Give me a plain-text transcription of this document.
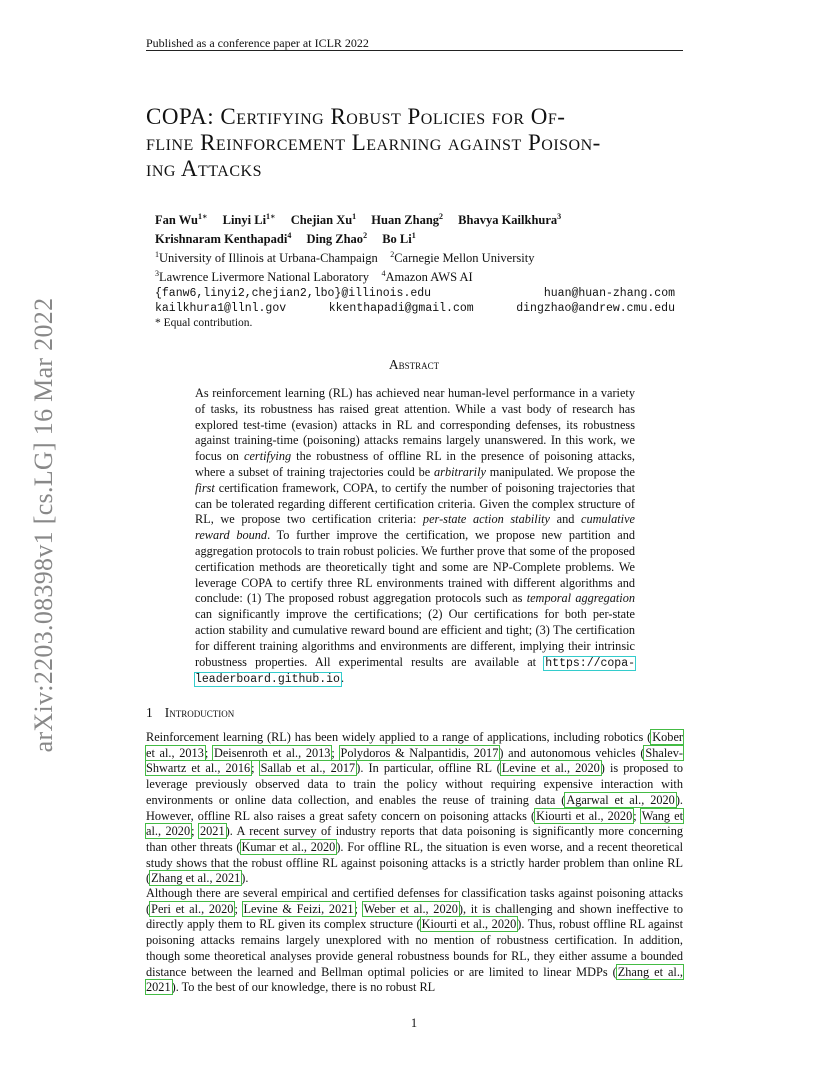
Published as a conference paper at ICLR 2022
arXiv:2203.08398v1 [cs.LG] 16 Mar 2022
COPA: Certifying Robust Policies for Of-
fline Reinforcement Learning against Poison-
ing Attacks
Fan $Wu^{1∗}$ Linyi $Li^{1∗}$ Chejian Xu$^1$ Huan Zhang$^2$ Bhavya Kailkhura$^3$
Krishnaram Kenthapadi$^4$ Ding Zhao$^2$ Bo Li$^1$
$^1$University of Illinois at Urbana-Champaign $^2$Carnegie Mellon University
$^3$Lawrence Livermore National Laboratory $^4$Amazon AWS AI
{fanw6,linyi2,chejian2,lbo}@illinois.edu	huan@huan-zhang.com
kailkhura1@llnl.gov	kkenthapadi@gmail.com	dingzhao@andrew.cmu.edu
* Equal contribution.
Abstract

As reinforcement learning (RL) has achieved near human-level performance in a variety of tasks, its robustness has raised great attention. While a vast body of research has explored test-time (evasion) attacks in RL and corresponding defenses, its robustness against training-time (poisoning) attacks remains largely unanswered. In this work, we focus on certifying the robustness of offline RL in the presence of poisoning attacks, where a subset of training trajectories could be arbitrarily manipulated. We propose the first certification framework, COPA, to certify the number of poisoning trajectories that can be tolerated regarding different certification criteria. Given the complex structure of RL, we propose two certification criteria: per-state action stability and cumulative reward bound. To further improve the certification, we propose new partition and aggregation protocols to train robust policies. We further prove that some of the proposed certification methods are theoretically tight and some are NP-Complete problems. We leverage COPA to certify three RL environments trained with different algorithms and conclude: (1) The proposed robust aggregation protocols such as temporal aggregation can significantly improve the certifications; (2) Our certifications for both per-state action stability and cumulative reward bound are efficient and tight; (3) The certification for different training algorithms and environments are different, implying their intrinsic robustness properties. All experimental results are available at https://copa-leaderboard.github.io.

1 Introduction

Reinforcement learning (RL) has been widely applied to a range of applications, including robotics (Kober et al., 2013; Deisenroth et al., 2013; Polydoros & Nalpantidis, 2017) and autonomous vehicles (Shalev-Shwartz et al., 2016; Sallab et al., 2017). In particular, offline RL (Levine et al., 2020) is proposed to leverage previously observed data to train the policy without requiring expensive interaction with environments or online data collection, and enables the reuse of training data (Agarwal et al., 2020). However, offline RL also raises a great safety concern on poisoning attacks (Kiourti et al., 2020; Wang et al., 2020; 2021). A recent survey of industry reports that data poisoning is significantly more concerning than other threats (Kumar et al., 2020). For offline RL, the situation is even worse, and a recent theoretical study shows that the robust offline RL against poisoning attacks is a strictly harder problem than online RL (Zhang et al., 2021).

Although there are several empirical and certified defenses for classification tasks against poisoning attacks (Peri et al., 2020; Levine & Feizi, 2021; Weber et al., 2020), it is challenging and shown ineffective to directly apply them to RL given its complex structure (Kiourti et al., 2020). Thus, robust offline RL against poisoning attacks remains largely unexplored with no mention of robustness certification. In addition, though some theoretical analyses provide general robustness bounds for RL, they either assume a bounded distance between the learned and Bellman optimal policies or are limited to linear MDPs (Zhang et al., 2021). To the best of our knowledge, there is no robust RL

1
